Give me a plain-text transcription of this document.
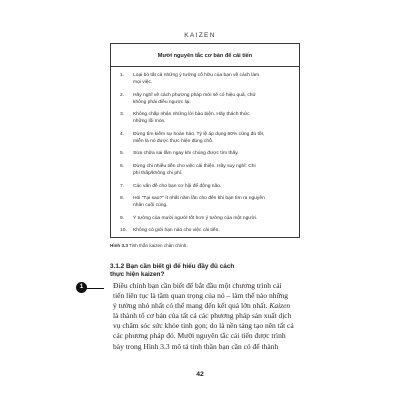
KAIZEN
Mười nguyên tắc cơ bản để cải tiến
1. Loại bỏ tất cả những ý tưởng cố hữu của bạn về cách làm
mọi việc.
2. Hãy nghĩ về cách phương pháp mới sẽ có hiệu quả, chứ
không phải điều ngược lại.
3. Không chấp nhận những lời bào biện. Hãy thách thức
những lối mòn.
4. Đừng tìm kiếm sự hoàn hảo. Tỷ lệ áp dụng 50% cũng đủ tốt,
miễn là nó được thực hiện đúng chỗ.
5. Sửa chữa sai lầm ngay khi chúng được tìm thấy.
6. Đừng chi nhiều tiền cho việc cải thiện. Hãy suy nghĩ: Chi
phí thấp/không chi phí.
7. Các vấn đề cho bạn cơ hội để động não.
8. Hỏi "Tại sao?" ít nhất năm lần cho đến khi bạn tìm ra nguyên
nhân cuối cùng.
9. Ý tưởng của mười người tốt hơn ý tưởng của một người.
10. Không có giới hạn nào cho việc cải tiến.
Hình 3.3 Tinh thần kaizen chân chính.
3.1.2 Bạn cần biết gì để hiểu đầy đủ cách
thực hiện kaizen?
1	Điều chính bạn cần biết để bắt đầu một chương trình cải
tiến liên tục là tầm quan trọng của nó – làm thế nào những
ý tưởng nhỏ nhất có thể mang đến kết quả lớn nhất. Kaizen
là thành tố cơ bản của tất cả các phương pháp sản xuất dịch
vụ chăm sóc sức khỏe tinh gọn; do là nền tảng tạo nên tất cả
các phương pháp đó. Mười nguyên tắc cải tiến được trình
bày trong Hình 3.3 mô tả tinh thần bạn cần có để thành
42
